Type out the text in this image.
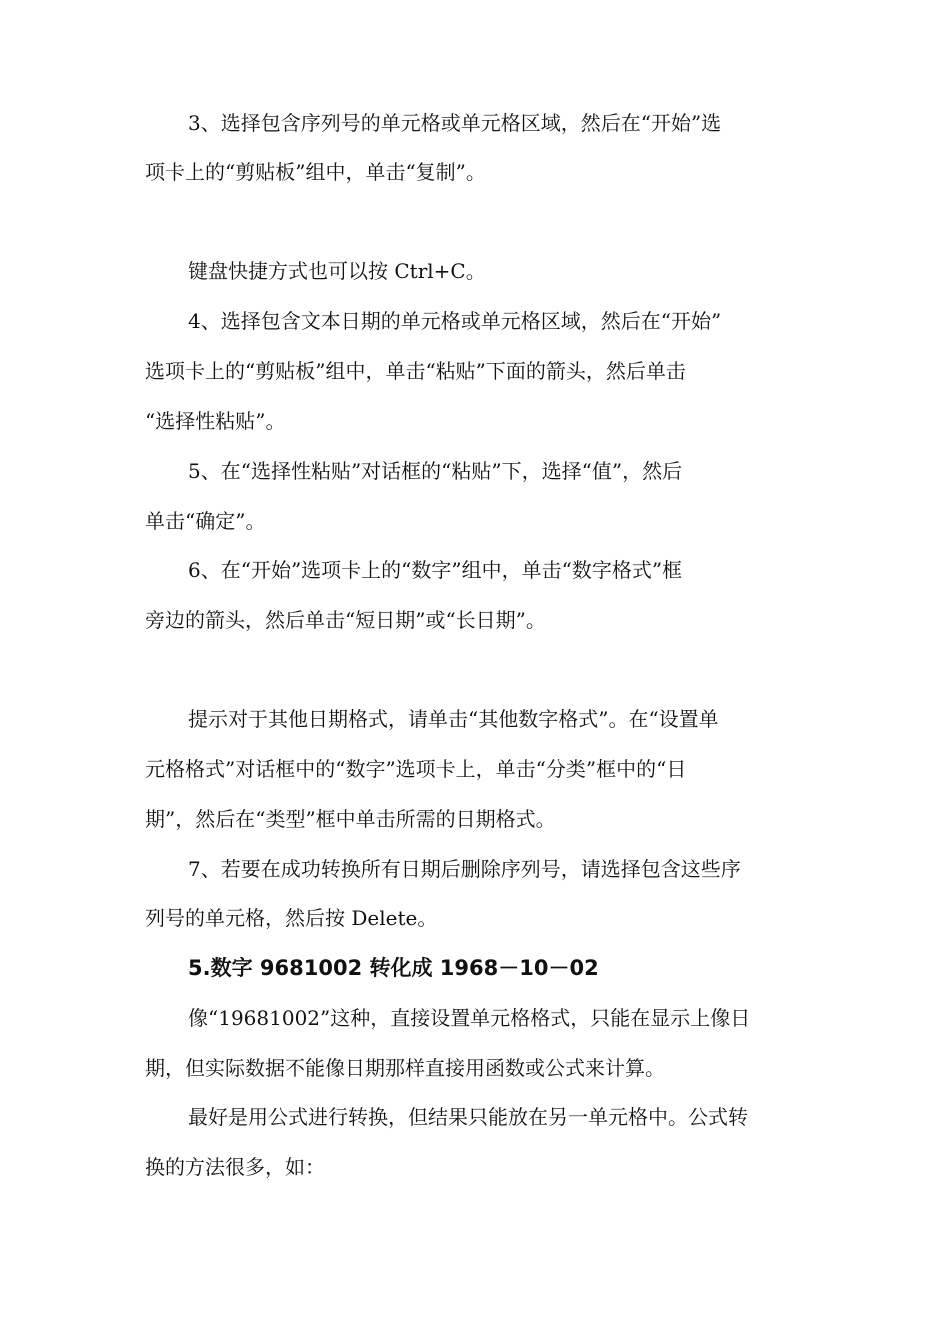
3、选择包含序列号的单元格或单元格区域，然后在“开始”选
项卡上的“剪贴板”组中，单击“复制”。
键盘快捷方式也可以按 Ctrl+C。
4、选择包含文本日期的单元格或单元格区域，然后在“开始”
选项卡上的“剪贴板”组中，单击“粘贴”下面的箭头，然后单击
“选择性粘贴”。
5、在“选择性粘贴”对话框的“粘贴”下，选择“值”，然后
单击“确定”。
6、在“开始”选项卡上的“数字”组中，单击“数字格式”框
旁边的箭头，然后单击“短日期”或“长日期”。
提示对于其他日期格式，请单击“其他数字格式”。在“设置单
元格格式”对话框中的“数字”选项卡上，单击“分类”框中的“日
期”，然后在“类型”框中单击所需的日期格式。
7、若要在成功转换所有日期后删除序列号，请选择包含这些序
列号的单元格，然后按 Delete。
5.数字 9681002 转化成 1968－10－02
像“19681002”这种，直接设置单元格格式，只能在显示上像日
期，但实际数据不能像日期那样直接用函数或公式来计算。
最好是用公式进行转换，但结果只能放在另一单元格中。公式转
换的方法很多，如：
